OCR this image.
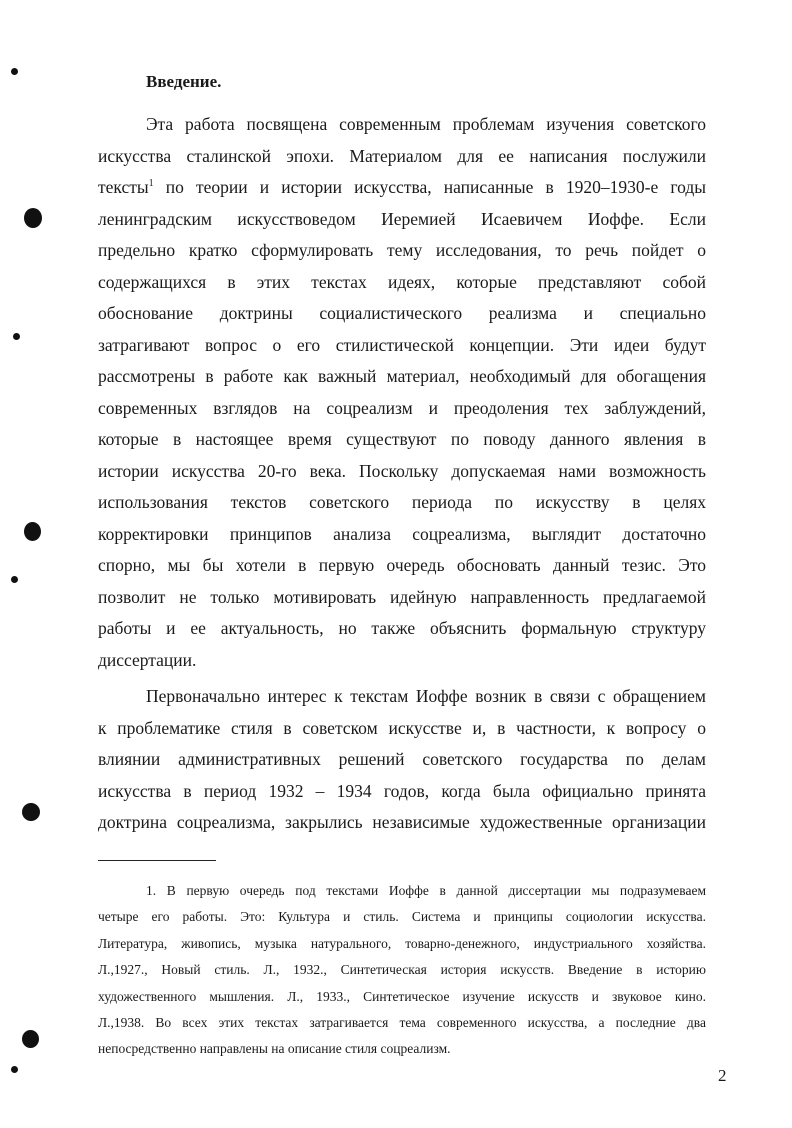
Введение.
Эта работа посвящена современным проблемам изучения советского
искусства сталинской эпохи. Материалом для ее написания послужили
тексты$^1$ по теории и истории искусства, написанные в 1920–1930-е годы
ленинградским искусствоведом Иеремией Исаевичем Иоффе. Если
предельно кратко сформулировать тему исследования, то речь пойдет о
содержащихся в этих текстах идеях, которые представляют собой
обоснование доктрины социалистического реализма и специально
затрагивают вопрос о его стилистической концепции. Эти идеи будут
рассмотрены в работе как важный материал, необходимый для обогащения
современных взглядов на соцреализм и преодоления тех заблуждений,
которые в настоящее время существуют по поводу данного явления в
истории искусства 20-го века. Поскольку допускаемая нами возможность
использования текстов советского периода по искусству в целях
корректировки принципов анализа соцреализма, выглядит достаточно
спорно, мы бы хотели в первую очередь обосновать данный тезис. Это
позволит не только мотивировать идейную направленность предлагаемой
работы и ее актуальность, но также объяснить формальную структуру
диссертации.
Первоначально интерес к текстам Иоффе возник в связи с обращением
к проблематике стиля в советском искусстве и, в частности, к вопросу о
влиянии административных решений советского государства по делам
искусства в период 1932 – 1934 годов, когда была официально принята
доктрина соцреализма, закрылись независимые художественные организации
1. В первую очередь под текстами Иоффе в данной диссертации мы подразумеваем
четыре его работы. Это: Культура и стиль. Система и принципы социологии искусства.
Литература, живопись, музыка натурального, товарно-денежного, индустриального хозяйства.
Л.,1927., Новый стиль. Л., 1932., Синтетическая история искусств. Введение в историю
художественного мышления. Л., 1933., Синтетическое изучение искусств и звуковое кино.
Л.,1938. Во всех этих текстах затрагивается тема современного искусства, а последние два
непосредственно направлены на описание стиля соцреализм.
2
